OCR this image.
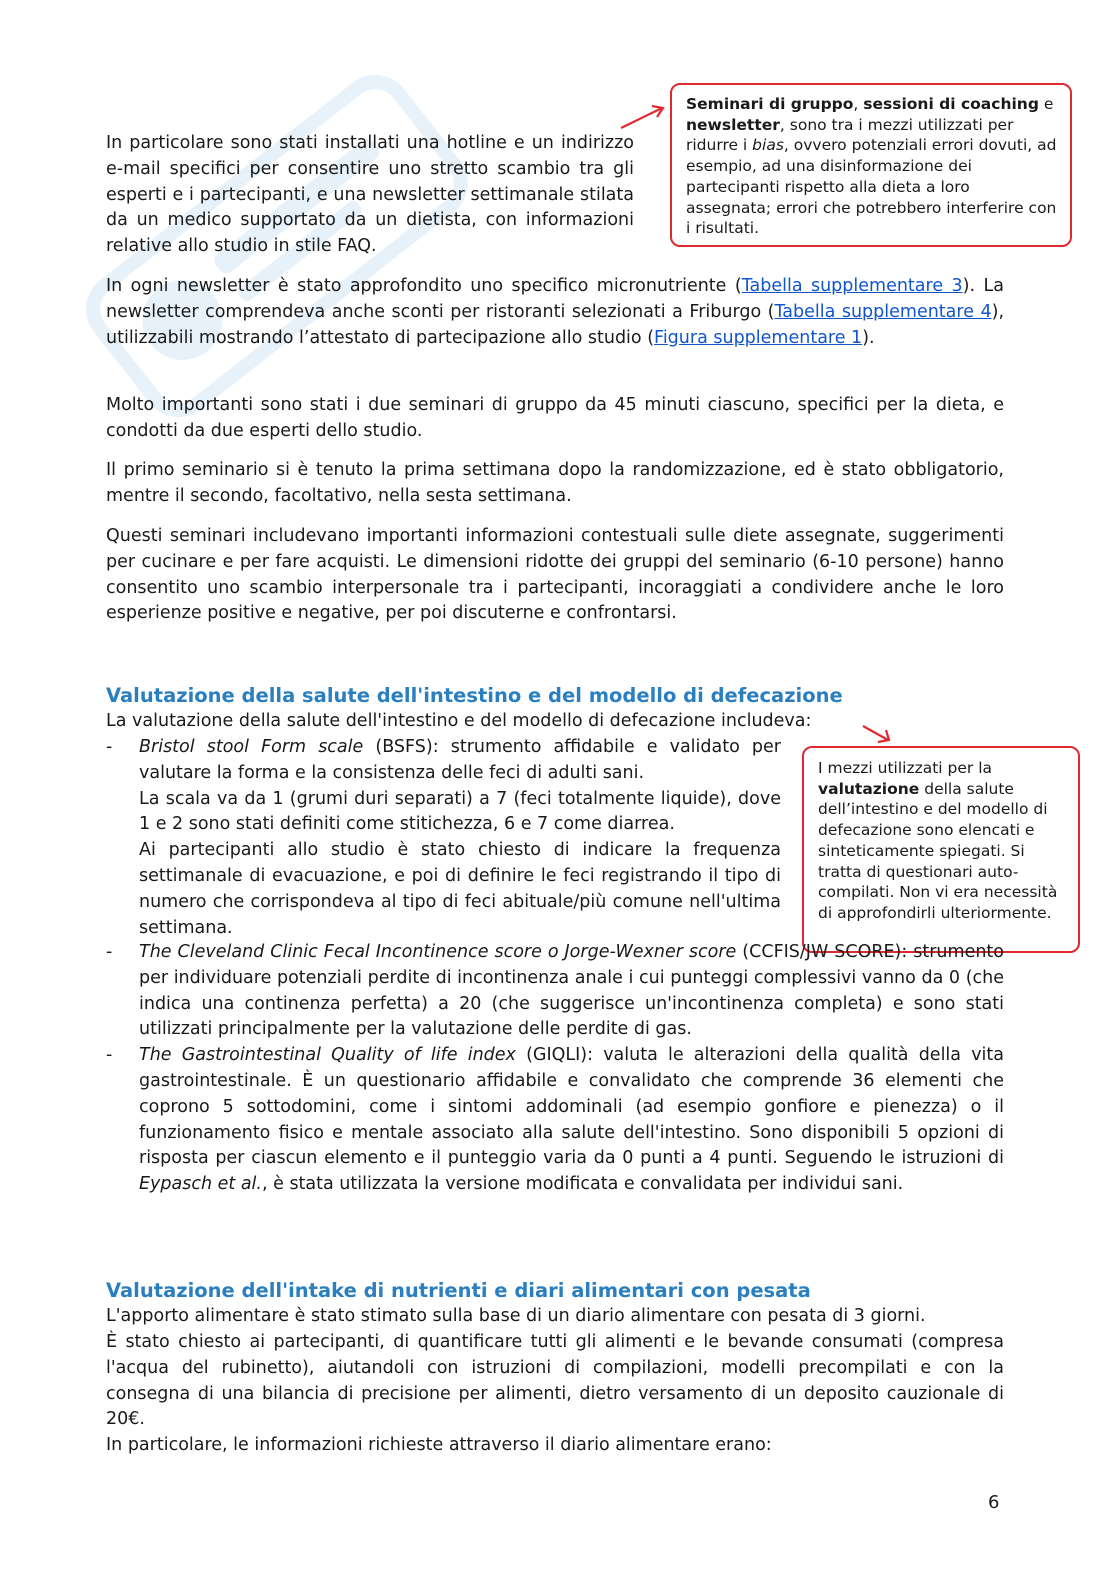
In particolare sono stati installati una hotline e un indirizzo e-mail specifici per consentire uno stretto scambio tra gli esperti e i partecipanti, e una newsletter settimanale stilata da un medico supportato da un dietista, con informazioni relative allo studio in stile FAQ.

Seminari di gruppo, sessioni di coaching e newsletter, sono tra i mezzi utilizzati per ridurre i bias, ovvero potenziali errori dovuti, ad esempio, ad una disinformazione dei partecipanti rispetto alla dieta a loro assegnata; errori che potrebbero interferire con i risultati.

In ogni newsletter è stato approfondito uno specifico micronutriente (Tabella supplementare 3). La newsletter comprendeva anche sconti per ristoranti selezionati a Friburgo (Tabella supplementare 4), utilizzabili mostrando l’attestato di partecipazione allo studio (Figura supplementare 1).

Molto importanti sono stati i due seminari di gruppo da 45 minuti ciascuno, specifici per la dieta, e condotti da due esperti dello studio.

Il primo seminario si è tenuto la prima settimana dopo la randomizzazione, ed è stato obbligatorio, mentre il secondo, facoltativo, nella sesta settimana.

Questi seminari includevano importanti informazioni contestuali sulle diete assegnate, suggerimenti per cucinare e per fare acquisti. Le dimensioni ridotte dei gruppi del seminario (6-10 persone) hanno consentito uno scambio interpersonale tra i partecipanti, incoraggiati a condividere anche le loro esperienze positive e negative, per poi discuterne e confrontarsi.

Valutazione della salute dell'intestino e del modello di defecazione

La valutazione della salute dell'intestino e del modello di defecazione includeva:

I mezzi utilizzati per la valutazione della salute dell’intestino e del modello di defecazione sono elencati e sinteticamente spiegati. Si tratta di questionari auto-compilati. Non vi era necessità di approfondirli ulteriormente.
- Bristol stool Form scale (BSFS): strumento affidabile e validato per valutare la forma e la consistenza delle feci di adulti sani.
La scala va da 1 (grumi duri separati) a 7 (feci totalmente liquide), dove 1 e 2 sono stati definiti come stitichezza, 6 e 7 come diarrea.
Ai partecipanti allo studio è stato chiesto di indicare la frequenza settimanale di evacuazione, e poi di definire le feci registrando il tipo di numero che corrispondeva al tipo di feci abituale/più comune nell'ultima settimana.
- The Cleveland Clinic Fecal Incontinence score o Jorge-Wexner score (CCFIS/JW SCORE): strumento per individuare potenziali perdite di incontinenza anale i cui punteggi complessivi vanno da 0 (che indica una continenza perfetta) a 20 (che suggerisce un'incontinenza completa) e sono stati utilizzati principalmente per la valutazione delle perdite di gas.
- The Gastrointestinal Quality of life index (GIQLI): valuta le alterazioni della qualità della vita gastrointestinale. È un questionario affidabile e convalidato che comprende 36 elementi che coprono 5 sottodomini, come i sintomi addominali (ad esempio gonfiore e pienezza) o il funzionamento fisico e mentale associato alla salute dell'intestino. Sono disponibili 5 opzioni di risposta per ciascun elemento e il punteggio varia da 0 punti a 4 punti. Seguendo le istruzioni di Eypasch et al., è stata utilizzata la versione modificata e convalidata per individui sani.
Valutazione dell'intake di nutrienti e diari alimentari con pesata

L'apporto alimentare è stato stimato sulla base di un diario alimentare con pesata di 3 giorni.

È stato chiesto ai partecipanti, di quantificare tutti gli alimenti e le bevande consumati (compresa l'acqua del rubinetto), aiutandoli con istruzioni di compilazioni, modelli precompilati e con la consegna di una bilancia di precisione per alimenti, dietro versamento di un deposito cauzionale di 20€.

In particolare, le informazioni richieste attraverso il diario alimentare erano:

6
